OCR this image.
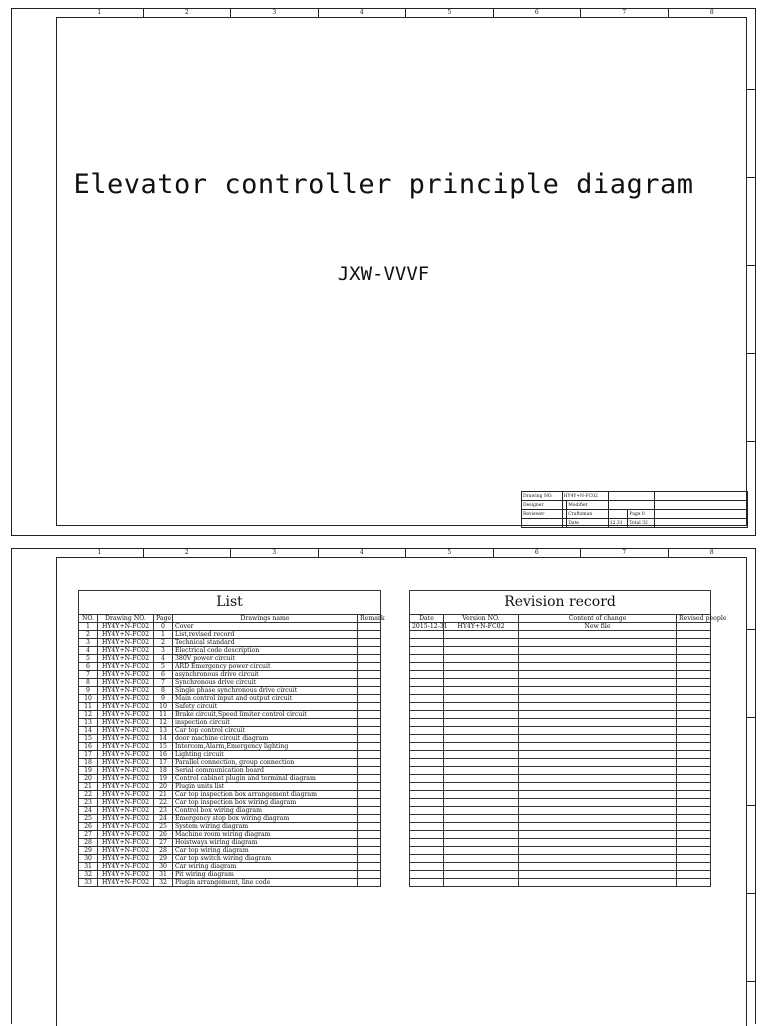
1	2	3	4	5	6	7	8
Elevator controller principle diagram
JXW-VVVF
Drawing NO.	HY4Y+N-FC02				
Designer		Modifier			
Reviewer		Craftsman		Page 0	
		Date	12.31	Total 32	
1	2	3	4	5	6	7	8
List				
NO.	Drawing NO.	Page	Drawings name	Remark
1	HY4Y+N-FC02	0	Cover	
2	HY4Y+N-FC02	1	List,revised record	
3	HY4Y+N-FC02	2	Technical standard	
4	HY4Y+N-FC02	3	Electrical code description	
5	HY4Y+N-FC02	4	380V power circuit	
6	HY4Y+N-FC02	5	ARD Emergency power circuit	
7	HY4Y+N-FC02	6	asynchronous drive circuit	
8	HY4Y+N-FC02	7	Synchronous drive circuit	
9	HY4Y+N-FC02	8	Single phase synchronous drive circuit	
10	HY4Y+N-FC02	9	Main control input and output circuit	
11	HY4Y+N-FC02	10	Safety circuit	
12	HY4Y+N-FC02	11	Brake circuit,Speed limiter control circuit	
13	HY4Y+N-FC02	12	inspection circuit	
14	HY4Y+N-FC02	13	Car top control circuit	
15	HY4Y+N-FC02	14	door machine circuit diagram	
16	HY4Y+N-FC02	15	Intercom,Alarm,Emergency lighting	
17	HY4Y+N-FC02	16	Lighting circuit	
18	HY4Y+N-FC02	17	Parallel connection, group connection	
19	HY4Y+N-FC02	18	Serial communication board	
20	HY4Y+N-FC02	19	Control cabinet plugin and terminal diagram	
21	HY4Y+N-FC02	20	Plugin units list	
22	HY4Y+N-FC02	21	Car top inspection box arrangement diagram	
23	HY4Y+N-FC02	22	Car top inspection box wiring diagram	
24	HY4Y+N-FC02	23	Control box wiring diagram	
25	HY4Y+N-FC02	24	Emergency stop box wiring diagram	
26	HY4Y+N-FC02	25	System wiring diagram	
27	HY4Y+N-FC02	26	Machine room wiring diagram	
28	HY4Y+N-FC02	27	Hoistways wiring diagram	
29	HY4Y+N-FC02	28	Car top wiring diagram	
30	HY4Y+N-FC02	29	Car top switch wiring diagram	
31	HY4Y+N-FC02	30	Car wiring diagram	
32	HY4Y+N-FC02	31	Pit wiring diagram	
33	HY4Y+N-FC02	32	Plugin arrangement, line code	
Revision record			
Date	Version NO.	Content of change	Revised people
2015-12-31	HY4Y+N-FC02	New file	
